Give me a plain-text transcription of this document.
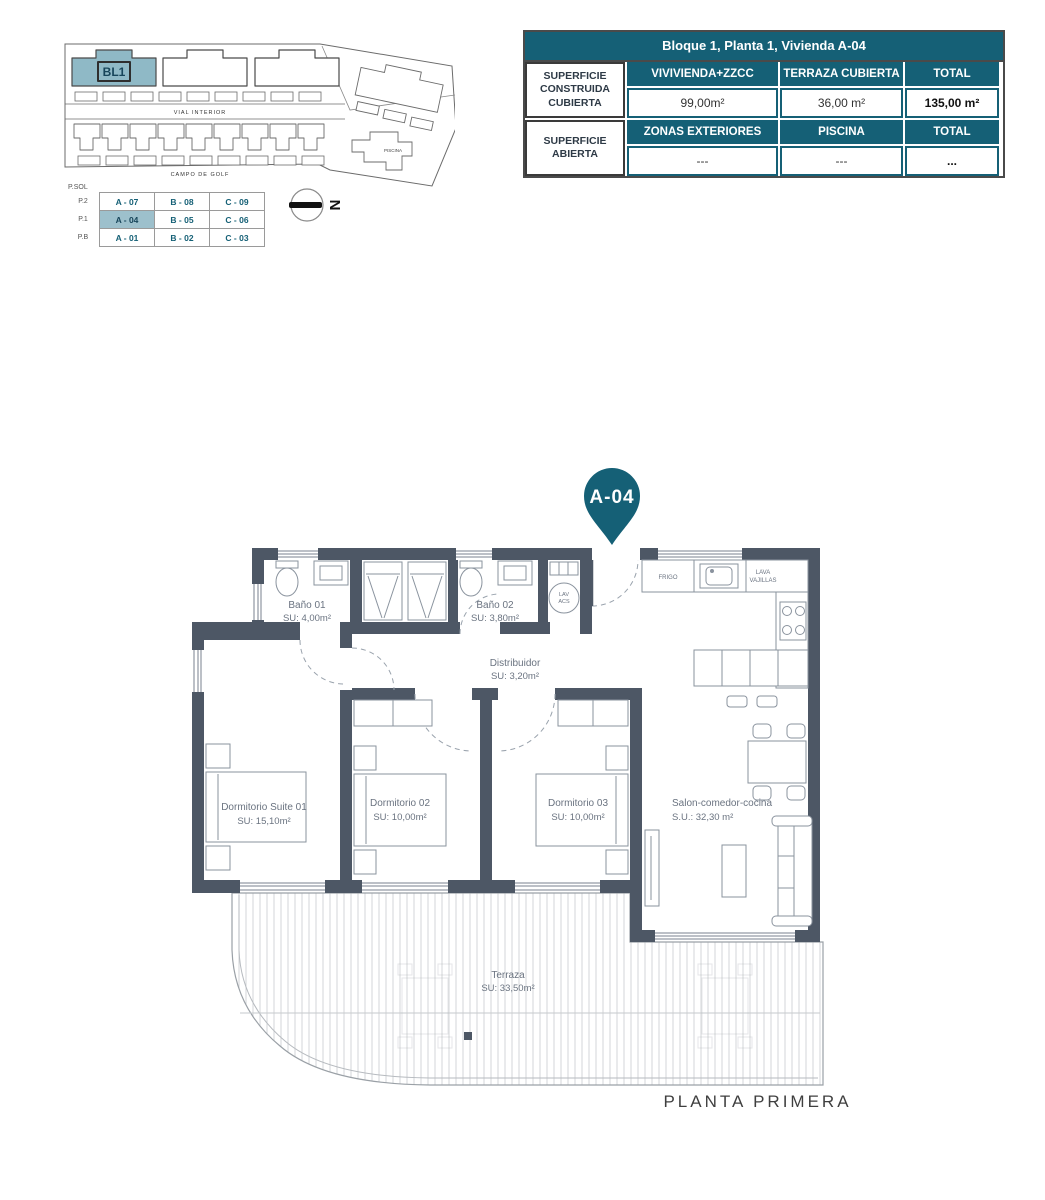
BL1
VIAL INTERIOR
CAMPO DE GOLF
PISCINA
N
P.SOL
P.2	A - 07	B - 08	C - 09
P.1	A - 04	B - 05	C - 06
P.B	A - 01	B - 02	C - 03
Bloque 1, Planta 1, Vivienda A-04
SUPERFICIE CONSTRUIDA CUBIERTA
VIVIVIENDA+ZZCC	TERRAZA CUBIERTA	TOTAL
99,00m²	36,00 m²	135,00 m²
SUPERFICIE ABIERTA
ZONAS EXTERIORES	PISCINA	TOTAL
---	---	...
A-04
Baño 01
SU: 4,00m²
Baño 02
SU: 3,80m²
Distribuidor
SU: 3,20m²
Dormitorio Suite 01
SU: 15,10m²
Dormitorio 02
SU: 10,00m²
Dormitorio 03
SU: 10,00m²
Salon-comedor-cocina
S.U.: 32,30 m²
Terraza
SU: 33,50m²
FRIGO
LAVA
VAJILLAS
LAV
ACS
PLANTA PRIMERA
